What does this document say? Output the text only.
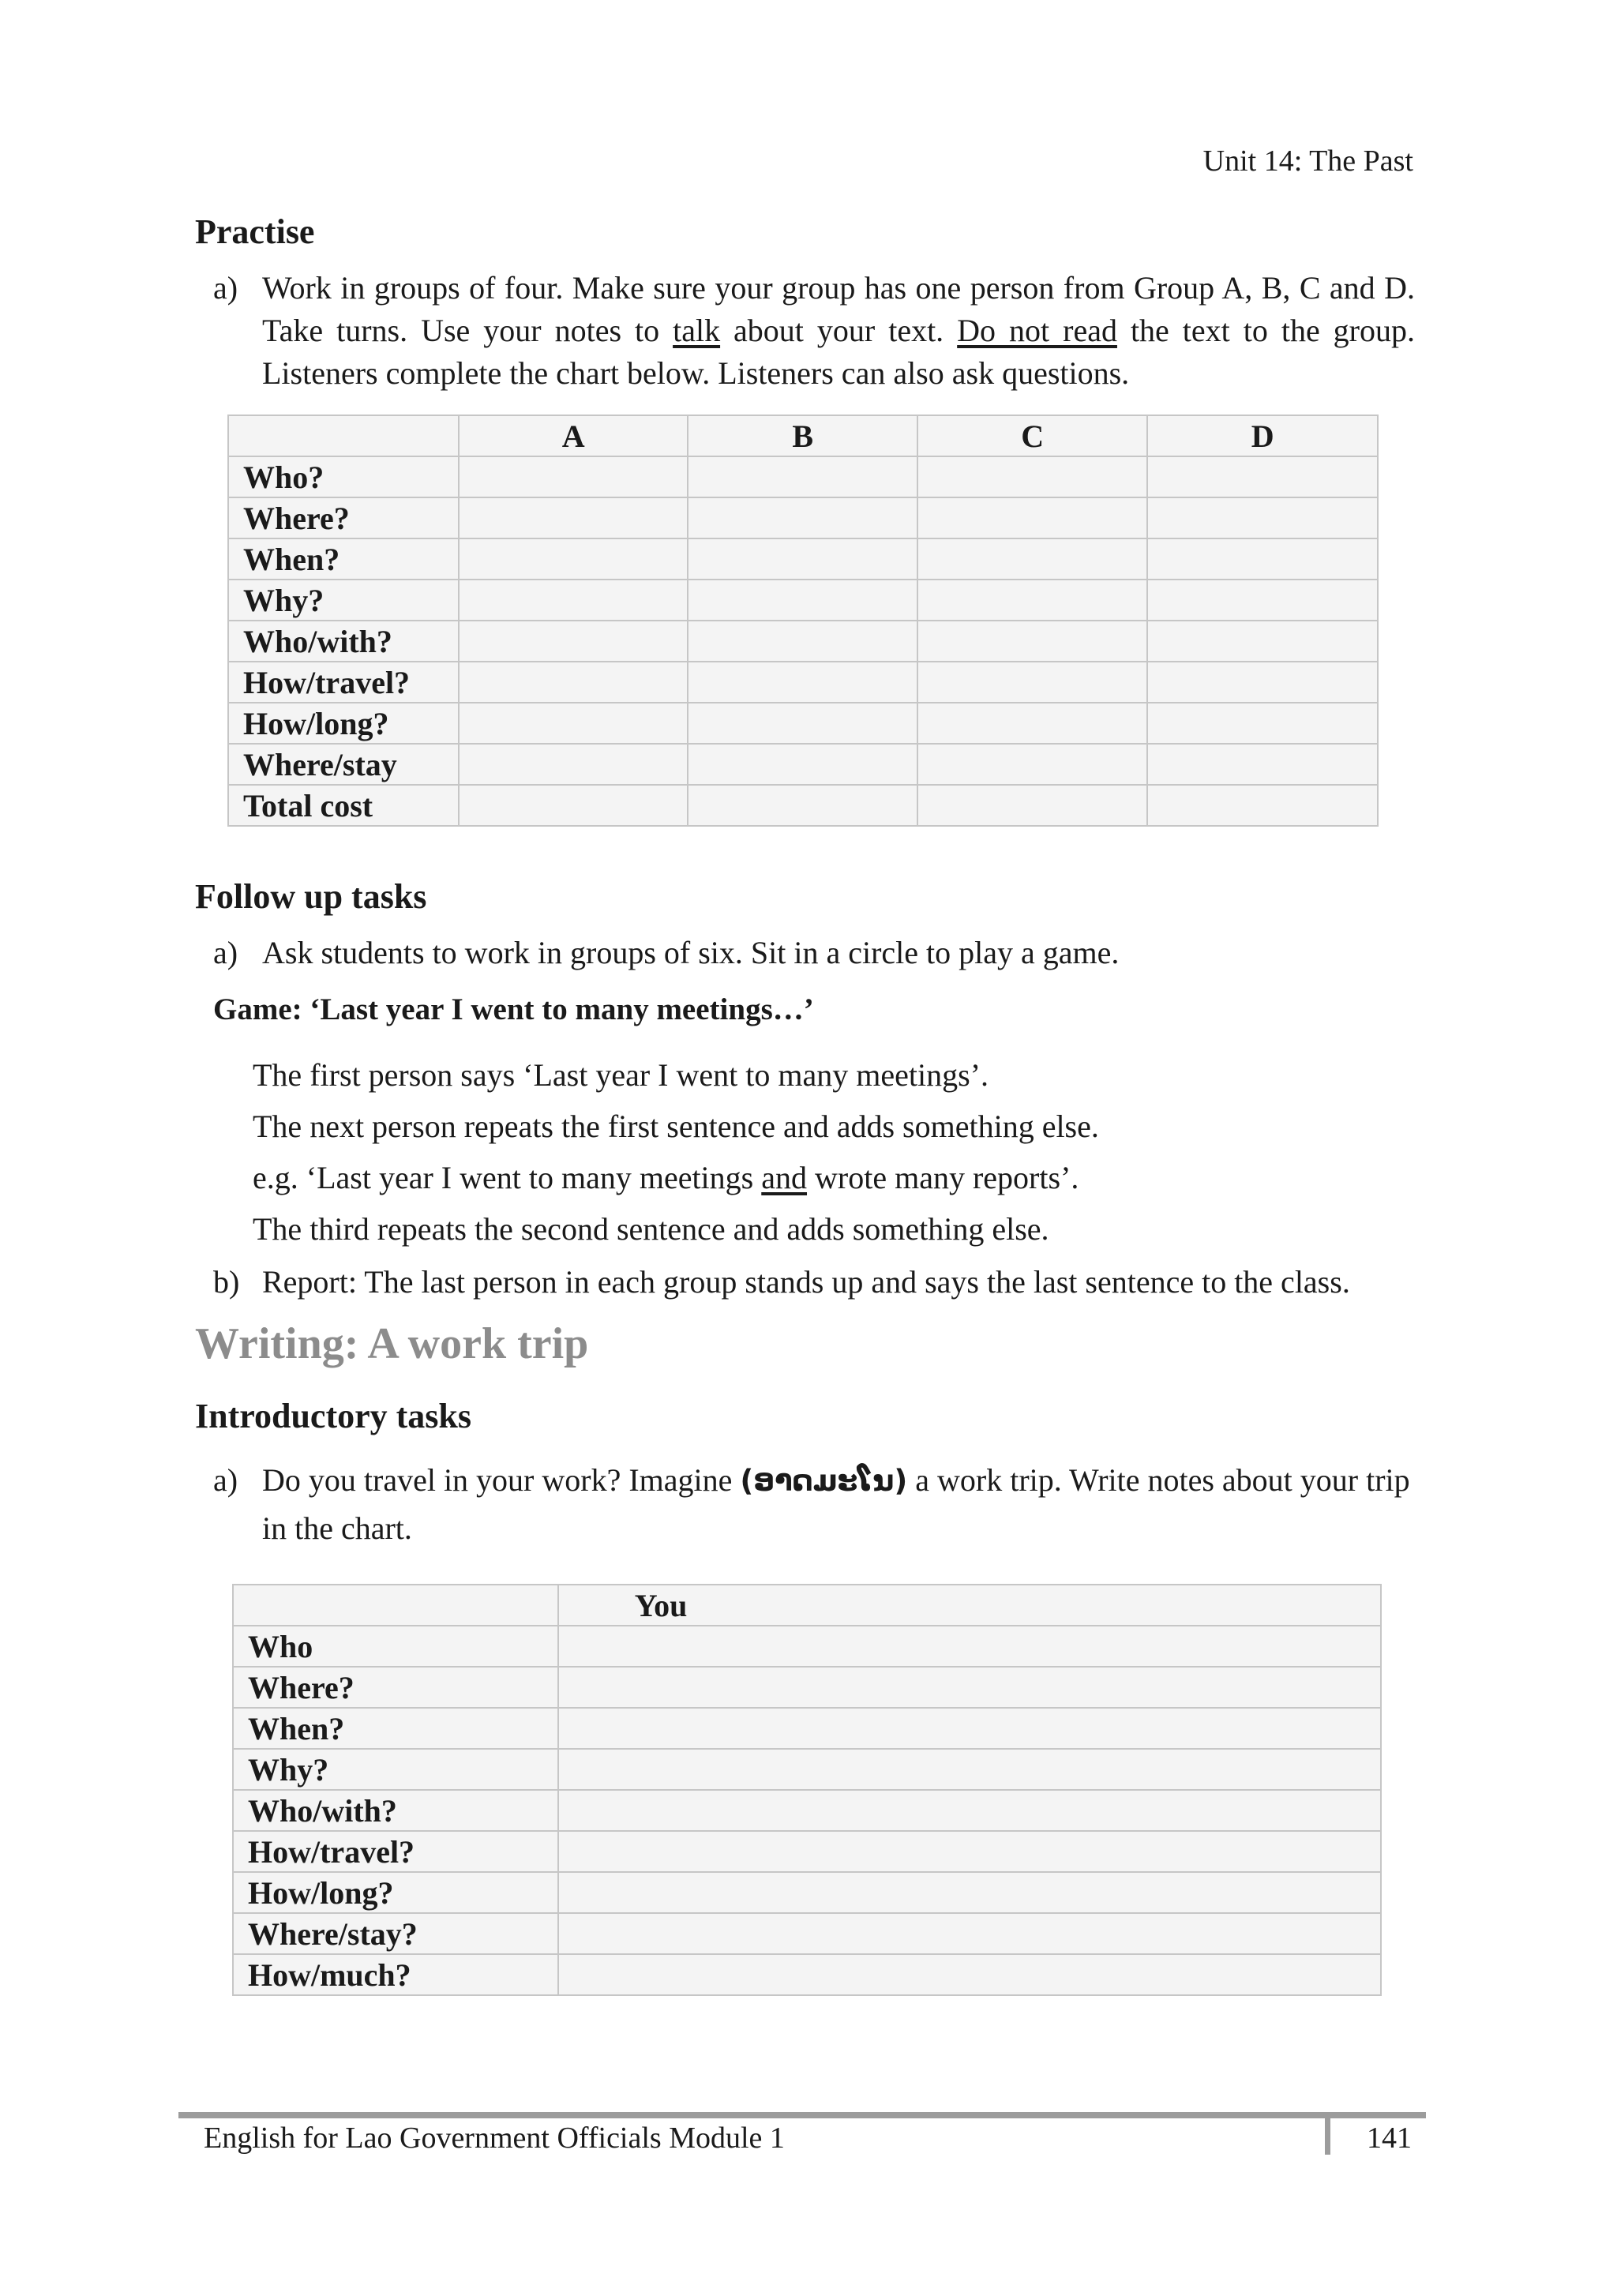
Unit 14: The Past
Practise
a) Work in groups of four. Make sure your group has one person from Group A, B, C and D. Take turns. Use your notes to talk about your text. Do not read the text to the group. Listeners complete the chart below. Listeners can also ask questions.
	A	B	C	D
Who?				
Where?				
When?				
Why?				
Who/with?				
How/travel?				
How/long?				
Where/stay				
Total cost				
Follow up tasks
a) Ask students to work in groups of six. Sit in a circle to play a game.
Game: ‘Last year I went to many meetings…’
The first person says ‘Last year I went to many meetings’.
The next person repeats the first sentence and adds something else.
e.g. ‘Last year I went to many meetings and wrote many reports’.
The third repeats the second sentence and adds something else.
b) Report: The last person in each group stands up and says the last sentence to the class.
Writing: A work trip
Introductory tasks
a) Do you travel in your work? Imagine (ອາດມະໂນ) a work trip. Write notes about your trip in the chart.
	You
Who	
Where?	
When?	
Why?	
Who/with?	
How/travel?	
How/long?	
Where/stay?	
How/much?	
English for Lao Government Officials Module 1	141
